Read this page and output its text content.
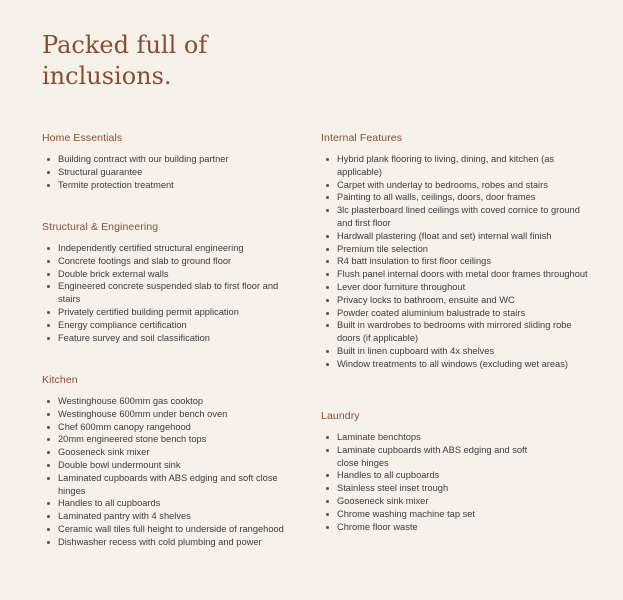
Packed full of
inclusions.
Home Essentials
Building contract with our building partner
Structural guarantee
Termite protection treatment
Structural & Engineering
Independently certified structural engineering
Concrete footings and slab to ground floor
Double brick external walls
Engineered concrete suspended slab to first floor and stairs
Privately certified building permit application
Energy compliance certification
Feature survey and soil classification
Kitchen
Westinghouse 600mm gas cooktop
Westinghouse 600mm under bench oven
Chef 600mm canopy rangehood
20mm engineered stone bench tops
Gooseneck sink mixer
Double bowl undermount sink
Laminated cupboards with ABS edging and soft close hinges
Handles to all cupboards
Laminated pantry with 4 shelves
Ceramic wall tiles full height to underside of rangehood
Dishwasher recess with cold plumbing and power
Internal Features
Hybrid plank flooring to living, dining, and kitchen (as applicable)
Carpet with underlay to bedrooms, robes and stairs
Painting to all walls, ceilings, doors, door frames
3lc plasterboard lined ceilings with coved cornice to ground and first floor
Hardwall plastering (float and set) internal wall finish
Premium tile selection
R4 batt insulation to first floor ceilings
Flush panel internal doors with metal door frames throughout
Lever door furniture throughout
Privacy locks to bathroom, ensuite and WC
Powder coated aluminium balustrade to stairs
Built in wardrobes to bedrooms with mirrored sliding robe doors (if applicable)
Built in linen cupboard with 4x shelves
Window treatments to all windows (excluding wet areas)
Laundry
Laminate benchtops
Laminate cupboards with ABS edging and soft close hinges
Handles to all cupboards
Stainless steel inset trough
Gooseneck sink mixer
Chrome washing machine tap set
Chrome floor waste
